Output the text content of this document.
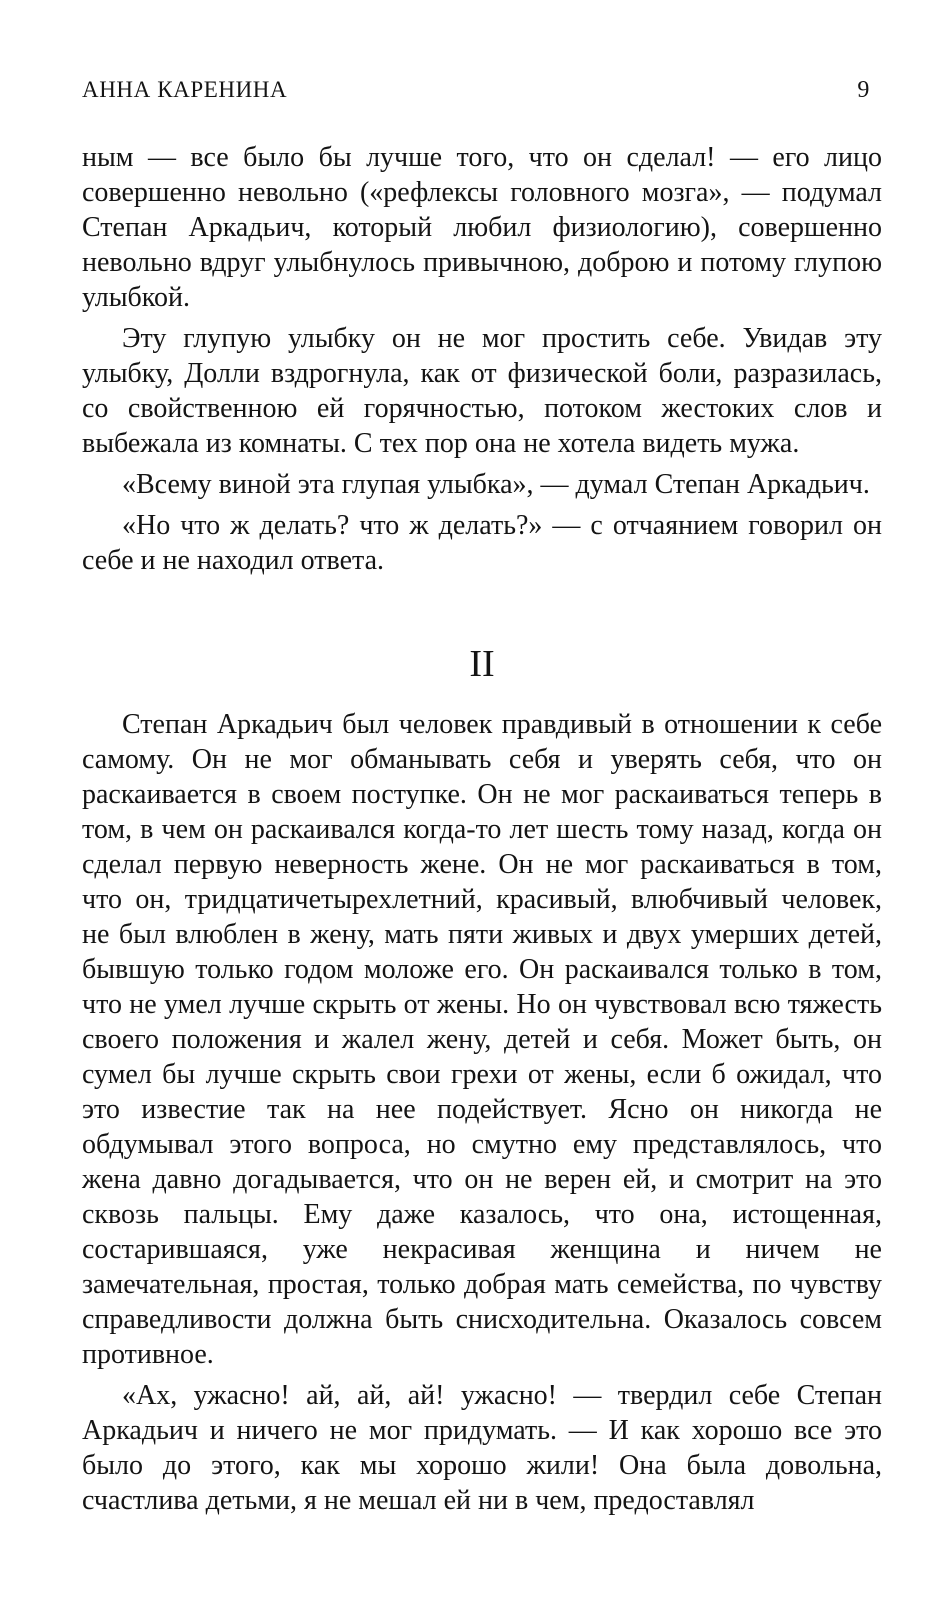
АННА КАРЕНИНА	9

ным — все было бы лучше того, что он сделал! — его лицо совершенно невольно («рефлексы головного мозга», — подумал Степан Аркадьич, который любил физиологию), совершенно невольно вдруг улыбнулось привычною, доброю и потому глупою улыбкой.

Эту глупую улыбку он не мог простить себе. Увидав эту улыбку, Долли вздрогнула, как от физической боли, разразилась, со свойственною ей горячностью, потоком жестоких слов и выбежала из комнаты. С тех пор она не хотела видеть мужа.

«Всему виной эта глупая улыбка», — думал Степан Аркадьич.

«Но что ж делать? что ж делать?» — с отчаянием говорил он себе и не находил ответа.

II

Степан Аркадьич был человек правдивый в отношении к себе самому. Он не мог обманывать себя и уверять себя, что он раскаивается в своем поступке. Он не мог раскаиваться теперь в том, в чем он раскаивался когда-то лет шесть тому назад, когда он сделал первую неверность жене. Он не мог раскаиваться в том, что он, тридцатичетырехлетний, красивый, влюбчивый человек, не был влюблен в жену, мать пяти живых и двух умерших детей, бывшую только годом моложе его. Он раскаивался только в том, что не умел лучше скрыть от жены. Но он чувствовал всю тяжесть своего положения и жалел жену, детей и себя. Может быть, он сумел бы лучше скрыть свои грехи от жены, если б ожидал, что это известие так на нее подействует. Ясно он никогда не обдумывал этого вопроса, но смутно ему представлялось, что жена давно догадывается, что он не верен ей, и смотрит на это сквозь пальцы. Ему даже казалось, что она, истощенная, состарившаяся, уже некрасивая женщина и ничем не замечательная, простая, только добрая мать семейства, по чувству справедливости должна быть снисходительна. Оказалось совсем противное.

«Ах, ужасно! ай, ай, ай! ужасно! — твердил себе Степан Аркадьич и ничего не мог придумать. — И как хорошо все это было до этого, как мы хорошо жили! Она была довольна, счастлива детьми, я не мешал ей ни в чем, предоставлял
